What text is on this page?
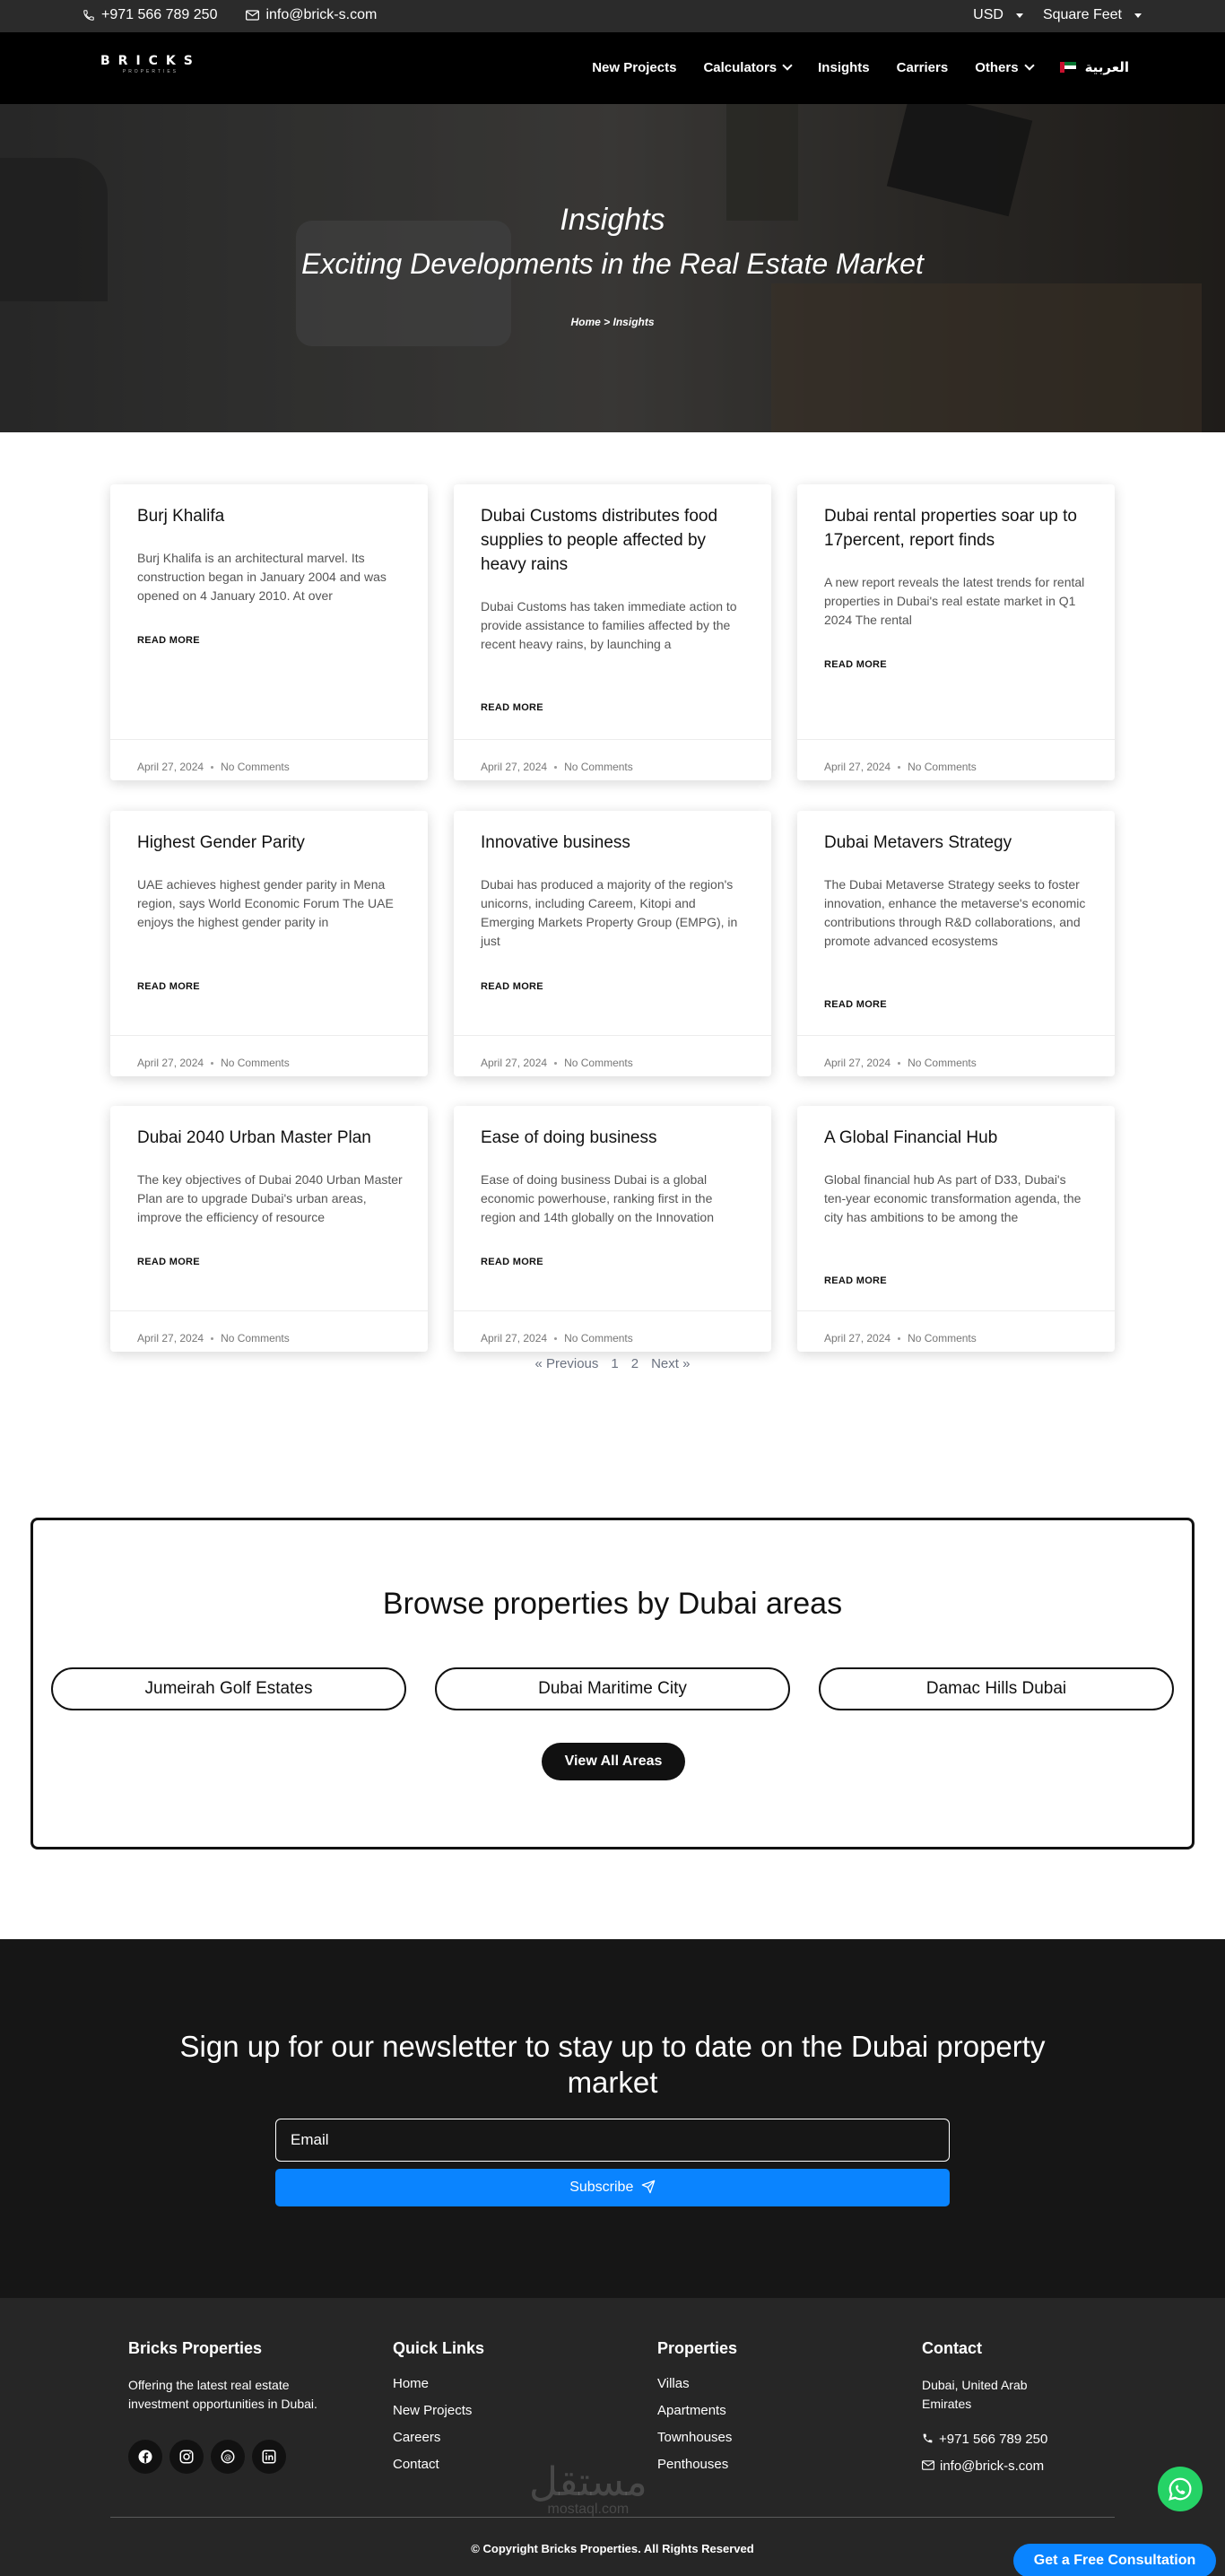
+971 566 789 250	info@brick-s.com	USD	Square Feet
BRICKS
PROPERTIES	New Projects Calculators	Insights Carriers Others	العربية
Insights
Exciting Developments in the Real Estate Market
Home > Insights
Burj Khalifa
Burj Khalifa is an architectural marvel. Its construction began in January 2004 and was opened on 4 January 2010. At over
READ MORE
April 27, 2024 No Comments
Dubai Customs distributes food supplies to people affected by heavy rains
Dubai Customs has taken immediate action to provide assistance to families affected by the recent heavy rains, by launching a
READ MORE
April 27, 2024 No Comments
Dubai rental properties soar up to 17percent, report finds
A new report reveals the latest trends for rental properties in Dubai's real estate market in Q1 2024 The rental
READ MORE
April 27, 2024 No Comments
Highest Gender Parity
UAE achieves highest gender parity in Mena region, says World Economic Forum The UAE enjoys the highest gender parity in
READ MORE
April 27, 2024 No Comments
Innovative business
Dubai has produced a majority of the region's unicorns, including Careem, Kitopi and Emerging Markets Property Group (EMPG), in just
READ MORE
April 27, 2024 No Comments
Dubai Metavers Strategy
The Dubai Metaverse Strategy seeks to foster innovation, enhance the metaverse's economic contributions through R&D collaborations, and promote advanced ecosystems
READ MORE
April 27, 2024 No Comments
Dubai 2040 Urban Master Plan
The key objectives of Dubai 2040 Urban Master Plan are to upgrade Dubai's urban areas, improve the efficiency of resource
READ MORE
April 27, 2024 No Comments
Ease of doing business
Ease of doing business Dubai is a global economic powerhouse, ranking first in the region and 14th globally on the Innovation
READ MORE
April 27, 2024 No Comments
A Global Financial Hub
Global financial hub As part of D33, Dubai's ten-year economic transformation agenda, the city has ambitions to be among the
READ MORE
April 27, 2024 No Comments
« Previous 1 2 Next »
Browse properties by Dubai areas
Jumeirah Golf Estates	Dubai Maritime City	Damac Hills Dubai
View All Areas
Sign up for our newsletter to stay up to date on the Dubai property market
Email
Subscribe
Bricks Properties
Offering the latest real estate investment opportunities in Dubai.
@
Quick Links
Home
New Projects
Careers
Contact
Properties
Villas
Apartments
Townhouses
Penthouses
Contact
Dubai, United Arab Emirates
+971 566 789 250
info@brick-s.com
مستقل
mostaql.com
© Copyright Bricks Properties. All Rights Reserved
Get a Free Consultation
